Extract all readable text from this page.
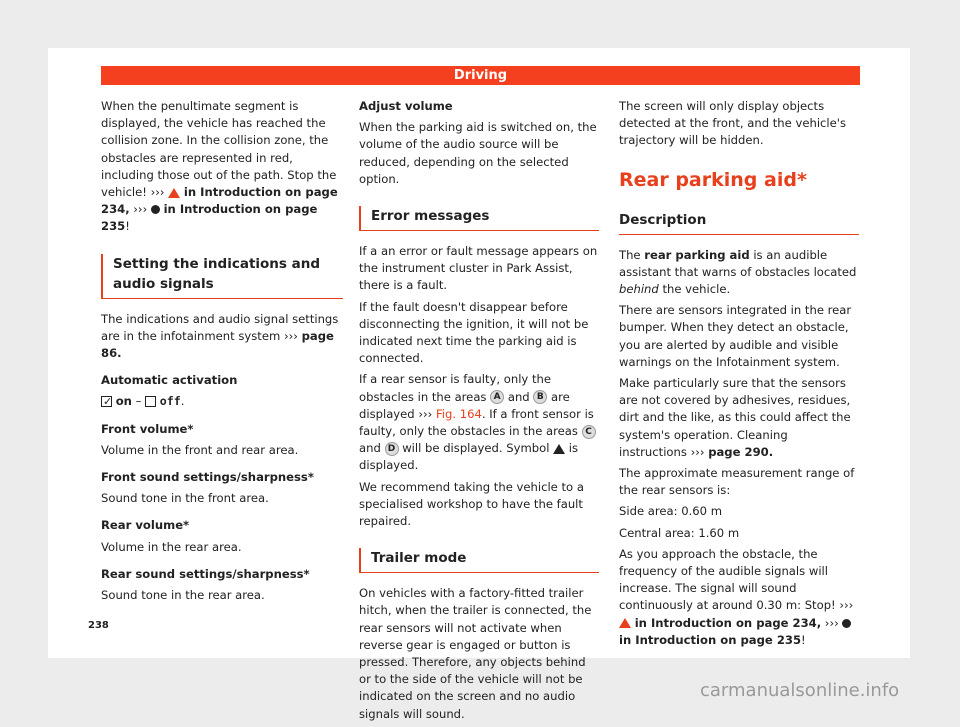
Driving

When the penultimate segment is displayed, the vehicle has reached the collision zone. In the collision zone, the obstacles are represented in red, including those out of the path. Stop the vehicle! ›››  in Introduction on page 234, ›››  in Introduction on page 235!

Setting the indications and audio signals

The indications and audio signal settings are in the infotainment system ››› page 86.

Automatic activation

✓ on –  off.

Front volume*

Volume in the front and rear area.

Front sound settings/sharpness*

Sound tone in the front area.

Rear volume*

Volume in the rear area.

Rear sound settings/sharpness*

Sound tone in the rear area.

Adjust volume

When the parking aid is switched on, the volume of the audio source will be reduced, depending on the selected option.

Error messages

If a an error or fault message appears on the instrument cluster in Park Assist, there is a fault.

If the fault doesn't disappear before disconnecting the ignition, it will not be indicated next time the parking aid is connected.

If a rear sensor is faulty, only the obstacles in the areas A and B are displayed ››› Fig. 164. If a front sensor is faulty, only the obstacles in the areas C and D will be displayed. Symbol is displayed.

We recommend taking the vehicle to a specialised workshop to have the fault repaired.

Trailer mode

On vehicles with a factory-fitted trailer hitch, when the trailer is connected, the rear sensors will not activate when reverse gear is engaged or button is pressed. Therefore, any objects behind or to the side of the vehicle will not be indicated on the screen and no audio signals will sound.

The screen will only display objects detected at the front, and the vehicle's trajectory will be hidden.

Rear parking aid*
Description

The rear parking aid is an audible assistant that warns of obstacles located behind the vehicle.

There are sensors integrated in the rear bumper. When they detect an obstacle, you are alerted by audible and visible warnings on the Infotainment system.

Make particularly sure that the sensors are not covered by adhesives, residues, dirt and the like, as this could affect the system's operation. Cleaning instructions ››› page 290.

The approximate measurement range of the rear sensors is:

Side area: 0.60 m

Central area: 1.60 m

As you approach the obstacle, the frequency of the audible signals will increase. The signal will sound continuously at around 0.30 m: Stop! ›››  in Introduction on page 234, ›››  in Introduction on page 235!

238
carmanualsonline.info
